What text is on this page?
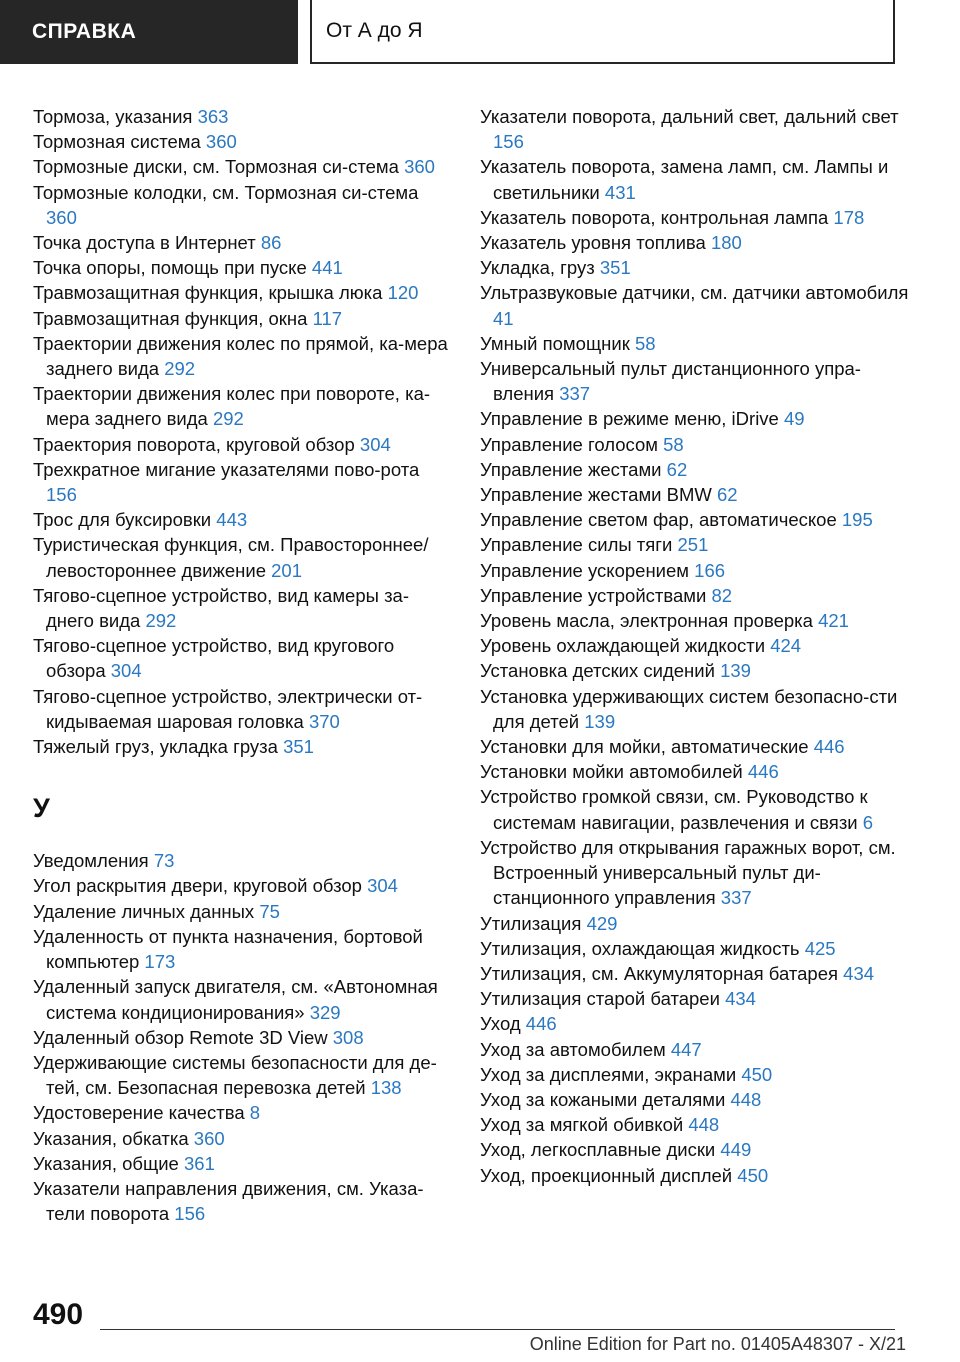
СПРАВКА	От А до Я

Тормоза, указания 363

Тормозная система 360

Тормозные диски, см. Тормозная си-стема 360

Тормозные колодки, см. Тормозная си-стема 360

Точка доступа в Интернет 86

Точка опоры, помощь при пуске 441

Травмозащитная функция, крышка люка 120

Травмозащитная функция, окна 117

Траектории движения колес по прямой, ка-мера заднего вида 292

Траектории движения колес при повороте, ка-мера заднего вида 292

Траектория поворота, круговой обзор 304

Трехкратное мигание указателями пово-рота 156

Трос для буксировки 443

Туристическая функция, см. Правостороннее/левостороннее движение 201

Тягово-сцепное устройство, вид камеры за-днего вида 292

Тягово-сцепное устройство, вид кругового обзора 304

Тягово-сцепное устройство, электрически от-кидываемая шаровая головка 370

Тяжелый груз, укладка груза 351

У

Уведомления 73

Угол раскрытия двери, круговой обзор 304

Удаление личных данных 75

Удаленность от пункта назначения, бортовой компьютер 173

Удаленный запуск двигателя, см. «Автономная система кондиционирования» 329

Удаленный обзор Remote 3D View 308

Удерживающие системы безопасности для де-тей, см. Безопасная перевозка детей 138

Удостоверение качества 8

Указания, обкатка 360

Указания, общие 361

Указатели направления движения, см. Указа-тели поворота 156

Указатели поворота, дальний свет, дальний свет 156

Указатель поворота, замена ламп, см. Лампы и светильники 431

Указатель поворота, контрольная лампа 178

Указатель уровня топлива 180

Укладка, груз 351

Ультразвуковые датчики, см. датчики автомобиля 41

Умный помощник 58

Универсальный пульт дистанционного упра-вления 337

Управление в режиме меню, iDrive 49

Управление голосом 58

Управление жестами 62

Управление жестами BMW 62

Управление светом фар, автоматическое 195

Управление силы тяги 251

Управление ускорением 166

Управление устройствами 82

Уровень масла, электронная проверка 421

Уровень охлаждающей жидкости 424

Установка детских сидений 139

Установка удерживающих систем безопасно-сти для детей 139

Установки для мойки, автоматические 446

Установки мойки автомобилей 446

Устройство громкой связи, см. Руководство к системам навигации, развлечения и связи 6

Устройство для открывания гаражных ворот, см. Встроенный универсальный пульт ди-станционного управления 337

Утилизация 429

Утилизация, охлаждающая жидкость 425

Утилизация, см. Аккумуляторная батарея 434

Утилизация старой батареи 434

Уход 446

Уход за автомобилем 447

Уход за дисплеями, экранами 450

Уход за кожаными деталями 448

Уход за мягкой обивкой 448

Уход, легкосплавные диски 449

Уход, проекционный дисплей 450

490
Online Edition for Part no. 01405A48307 - X/21
